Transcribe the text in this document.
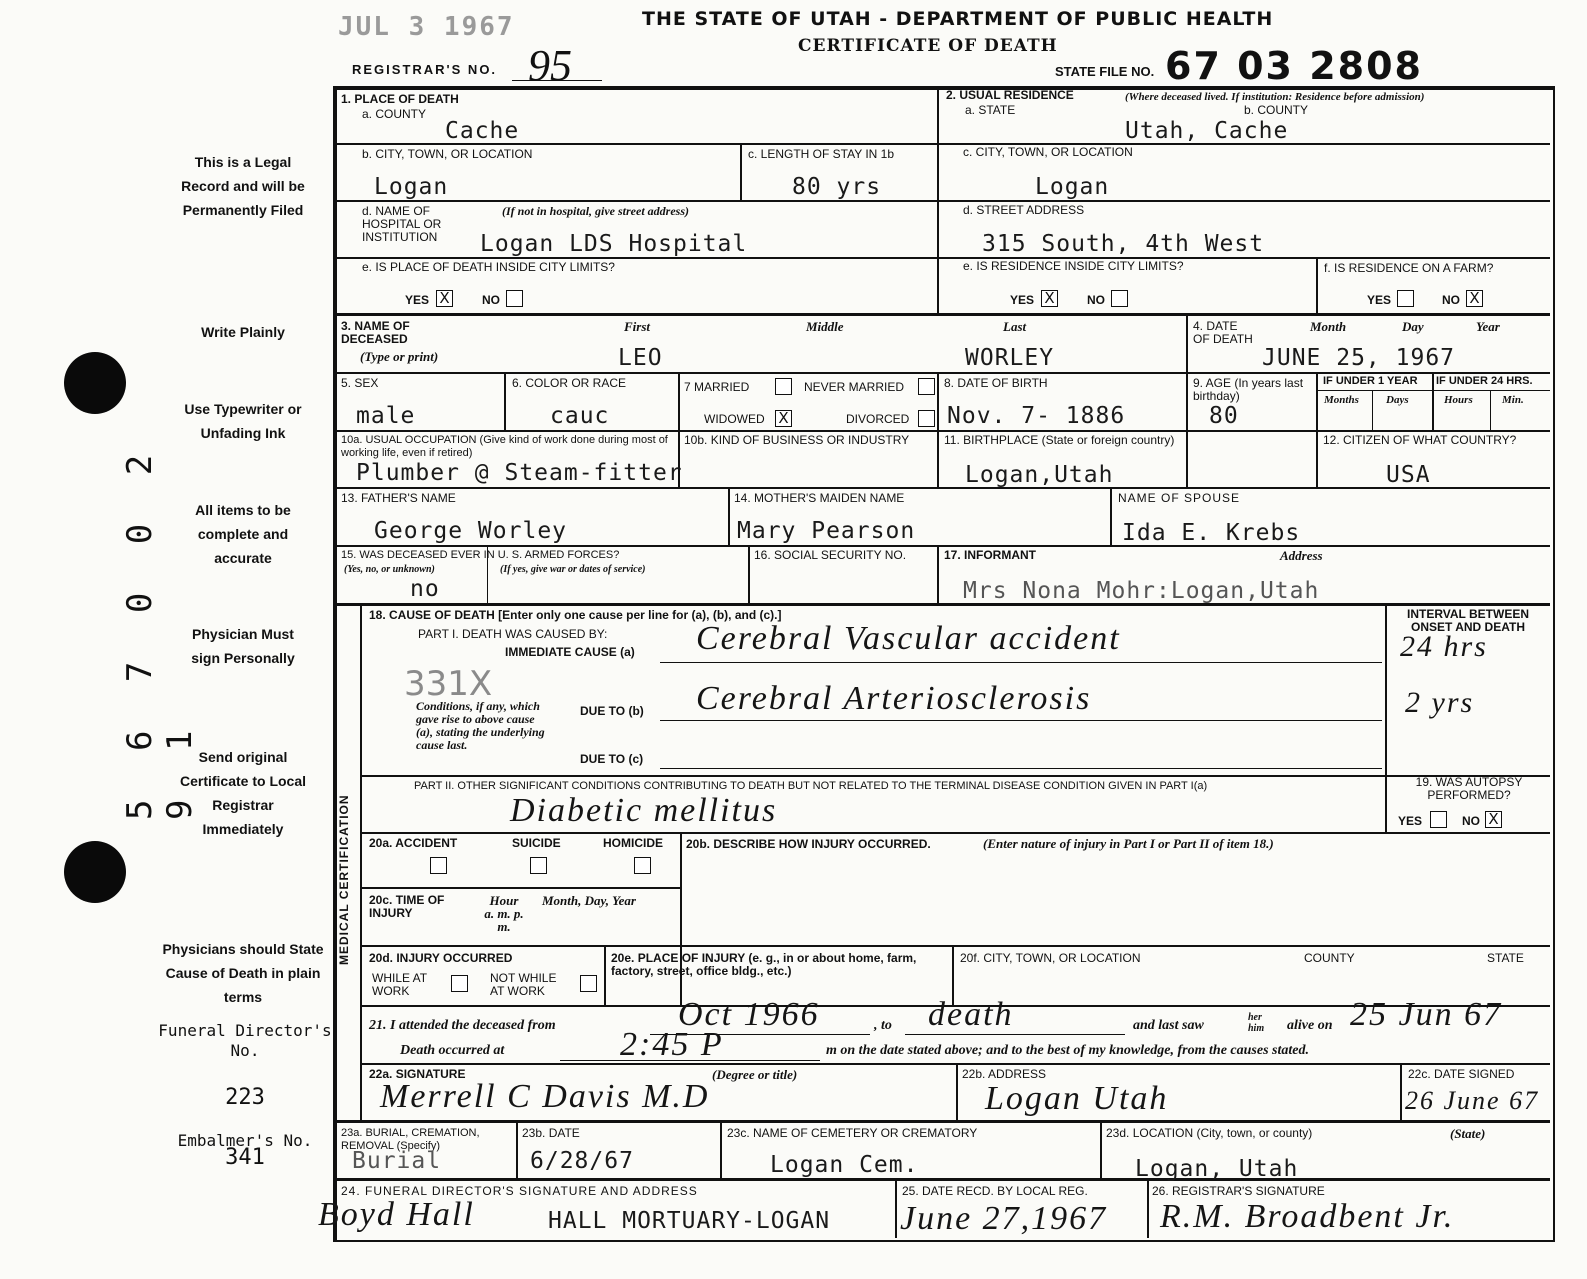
JUL 3 1967	THE STATE OF UTAH - DEPARTMENT OF PUBLIC HEALTH
CERTIFICATE OF DEATH
REGISTRAR'S NO. 95	STATE FILE NO. 67 03 2808
This is a Legal Record and will be Permanently Filed
Write Plainly
Use Typewriter or Unfading Ink
All items to be complete and accurate
Physician Must sign Personally
Send original Certificate to Local Registrar Immediately
Physicians should State Cause of Death in plain terms
Funeral Director's No.
223
Embalmer's No.
341
5 6 7 0 0 2 9 1
MEDICAL CERTIFICATION
1. PLACE OF DEATH
a. COUNTY
Cache
2. USUAL RESIDENCE	(Where deceased lived. If institution: Residence before admission)
a. STATE	b. COUNTY
Utah, Cache
b. CITY, TOWN, OR LOCATION
Logan
c. LENGTH OF STAY IN 1b
80 yrs
c. CITY, TOWN, OR LOCATION
Logan
d. NAME OF HOSPITAL OR INSTITUTION
(If not in hospital, give street address)
Logan LDS Hospital
d. STREET ADDRESS
315 South, 4th West
e. IS PLACE OF DEATH INSIDE CITY LIMITS?
YES X	NO
e. IS RESIDENCE INSIDE CITY LIMITS?
YES X	NO
f. IS RESIDENCE ON A FARM?
YES	NO X
3. NAME OF DECEASED
(Type or print)
First	Middle	Last
LEO	WORLEY
4. DATE OF DEATH
Month	Day	Year
JUNE 25, 1967
5. SEX
male
6. COLOR OR RACE
cauc
7 MARRIED	NEVER MARRIED
WIDOWED X	DIVORCED
8. DATE OF BIRTH
Nov. 7- 1886
9. AGE (In years last birthday)
80
IF UNDER 1 YEAR IF UNDER 24 HRS.
Months Days	Hours	Min.
10a. USUAL OCCUPATION (Give kind of work done during most of working life, even if retired)
Plumber @ Steam-fitter
10b. KIND OF BUSINESS OR INDUSTRY	11. BIRTHPLACE (State or foreign country)
Logan,Utah
12. CITIZEN OF WHAT COUNTRY?
USA
13. FATHER'S NAME
George Worley
14. MOTHER'S MAIDEN NAME
Mary Pearson
NAME OF SPOUSE
Ida E. Krebs
15. WAS DECEASED EVER IN U. S. ARMED FORCES?
(Yes, no, or unknown)	(If yes, give war or dates of service)
no
16. SOCIAL SECURITY NO.	17. INFORMANT	Address
Mrs Nona Mohr:Logan,Utah
18. CAUSE OF DEATH [Enter only one cause per line for (a), (b), and (c).]
PART I. DEATH WAS CAUSED BY:
IMMEDIATE CAUSE (a) Cerebral Vascular accident
INTERVAL BETWEEN ONSET AND DEATH
24 hrs
331X
Conditions, if any, which gave rise to above cause (a), stating the underlying cause last.
DUE TO (b) Cerebral Arteriosclerosis	2 yrs
DUE TO (c)
PART II. OTHER SIGNIFICANT CONDITIONS CONTRIBUTING TO DEATH BUT NOT RELATED TO THE TERMINAL DISEASE CONDITION GIVEN IN PART I(a)
Diabetic mellitus
19. WAS AUTOPSY PERFORMED?
YES	NO X
20a. ACCIDENT	SUICIDE	HOMICIDE 20b. DESCRIBE HOW INJURY OCCURRED.	(Enter nature of injury in Part I or Part II of item 18.)
20c. TIME OF INJURY
Hour a. m. p. m.
Month, Day, Year
20d. INJURY OCCURRED
WHILE AT WORK
NOT WHILE AT WORK
20e. PLACE OF INJURY (e. g., in or about home, farm, factory, street, office bldg., etc.)
20f. CITY, TOWN, OR LOCATION	COUNTY	STATE
21. I attended the deceased from	Oct 1966	, to death	and last saw
her him	alive on 25 Jun 67
Death occurred at	2:45 P	m on the date stated above; and to the best of my knowledge, from the causes stated.
22a. SIGNATURE	(Degree or title)
Merrell C Davis M.D
22b. ADDRESS
Logan Utah
22c. DATE SIGNED
26 June 67
23a. BURIAL, CREMATION, REMOVAL (Specify)
Burial
23b. DATE
6/28/67
23c. NAME OF CEMETERY OR CREMATORY
Logan Cem.
23d. LOCATION (City, town, or county)	(State)
Logan, Utah
24. FUNERAL DIRECTOR'S SIGNATURE AND ADDRESS
Boyd Hall	HALL MORTUARY-LOGAN
25. DATE RECD. BY LOCAL REG.
June 27,1967
26. REGISTRAR'S SIGNATURE
R.M. Broadbent Jr.
